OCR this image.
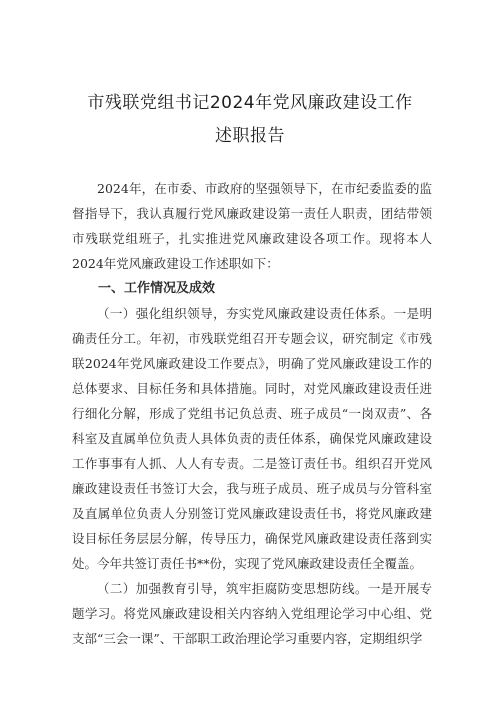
市残联党组书记2024年党风廉政建设工作
述职报告

2024年，在市委、市政府的坚强领导下，在市纪委监委的监督指导下，我认真履行党风廉政建设第一责任人职责，团结带领市残联党组班子，扎实推进党风廉政建设各项工作。现将本人2024年党风廉政建设工作述职如下：

一、工作情况及成效

（一）强化组织领导，夯实党风廉政建设责任体系。一是明确责任分工。年初，市残联党组召开专题会议，研究制定《市残联2024年党风廉政建设工作要点》，明确了党风廉政建设工作的总体要求、目标任务和具体措施。同时，对党风廉政建设责任进行细化分解，形成了党组书记负总责、班子成员“一岗双责”、各科室及直属单位负责人具体负责的责任体系，确保党风廉政建设工作事事有人抓、人人有专责。二是签订责任书。组织召开党风廉政建设责任书签订大会，我与班子成员、班子成员与分管科室及直属单位负责人分别签订党风廉政建设责任书，将党风廉政建设目标任务层层分解，传导压力，确保党风廉政建设责任落到实处。今年共签订责任书**份，实现了党风廉政建设责任全覆盖。

（二）加强教育引导，筑牢拒腐防变思想防线。一是开展专题学习。将党风廉政建设相关内容纳入党组理论学习中心组、党支部“三会一课”、干部职工政治理论学习重要内容，定期组织学
